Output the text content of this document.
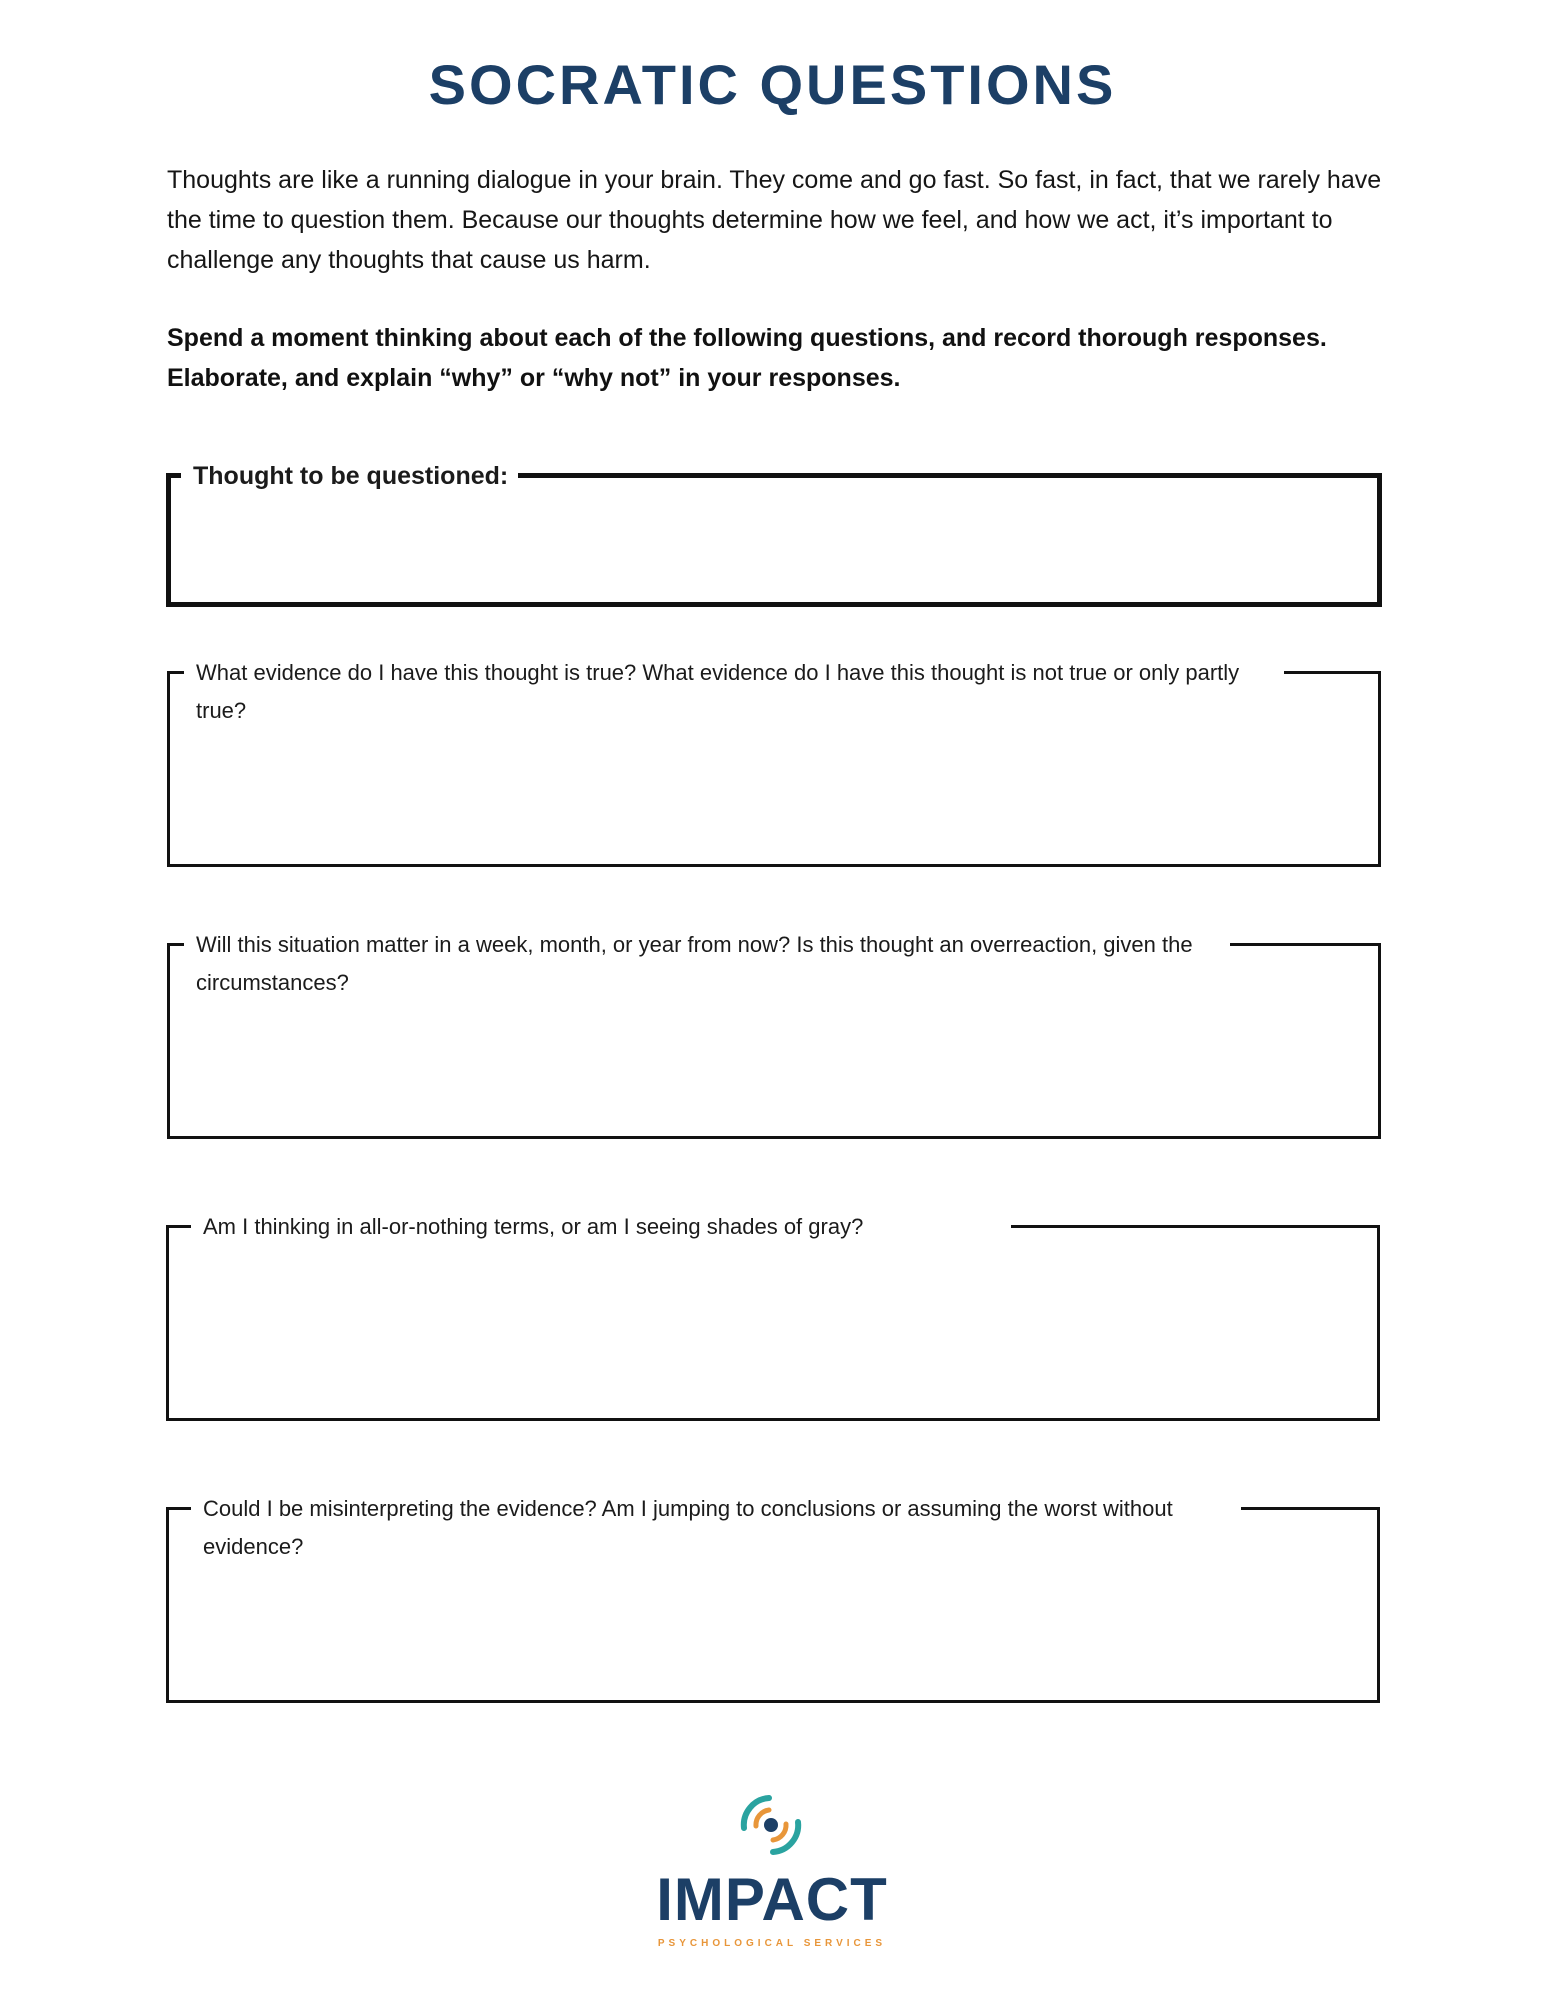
SOCRATIC QUESTIONS

Thoughts are like a running dialogue in your brain. They come and go fast. So fast, in fact, that we rarely have the time to question them. Because our thoughts determine how we feel, and how we act, it’s important to challenge any thoughts that cause us harm.

Spend a moment thinking about each of the following questions, and record thorough responses. Elaborate, and explain “why” or “why not” in your responses.

Thought to be questioned:
What evidence do I have this thought is true? What evidence do I have this thought is not true or only partly true?
Will this situation matter in a week, month, or year from now? Is this thought an overreaction, given the circumstances?
Am I thinking in all-or-nothing terms, or am I seeing shades of gray?
Could I be misinterpreting the evidence? Am I jumping to conclusions or assuming the worst without evidence?
IMPACT
PSYCHOLOGICAL SERVICES
